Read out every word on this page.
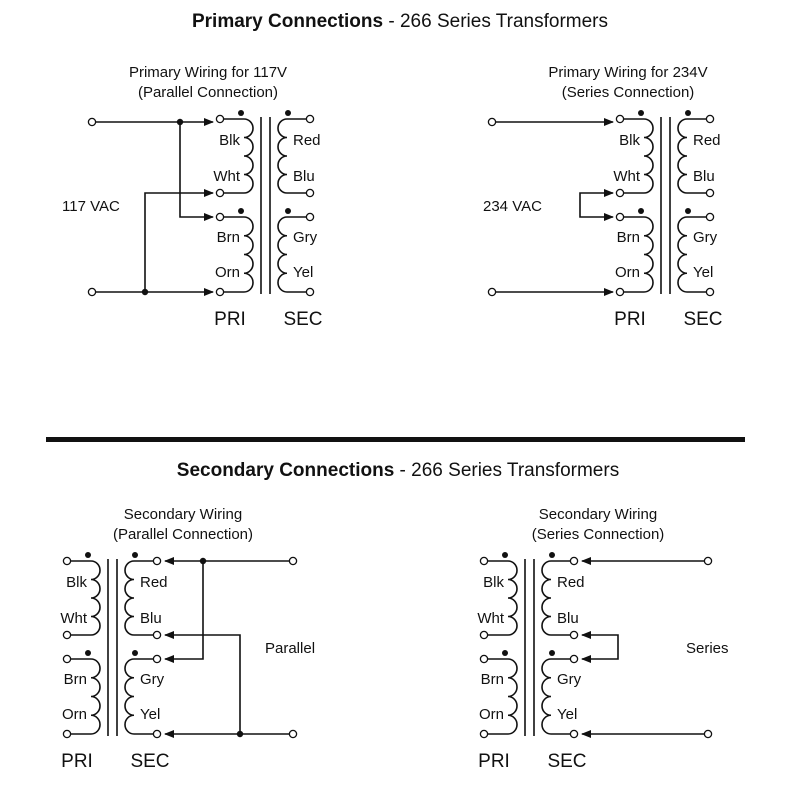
Primary Connections - 266 Series Transformers
Primary Wiring for 117V
(Parallel Connection)
Primary Wiring for 234V
(Series Connection)
117 VAC	234 VAC
Secondary Connections - 266 Series Transformers
Secondary Wiring
(Parallel Connection)
Secondary Wiring
(Series Connection)
Parallel	Series
Blk	Red
Wht	Blu
Brn	Gry
Orn	Yel
PRI SEC
Blk	Red
Wht	Blu
Brn	Gry
Orn	Yel
PRI SEC
Blk	Red
Wht	Blu
Brn	Gry
Orn	Yel
PRI SEC
Blk	Red
Wht	Blu
Brn	Gry
Orn	Yel
PRI SEC
